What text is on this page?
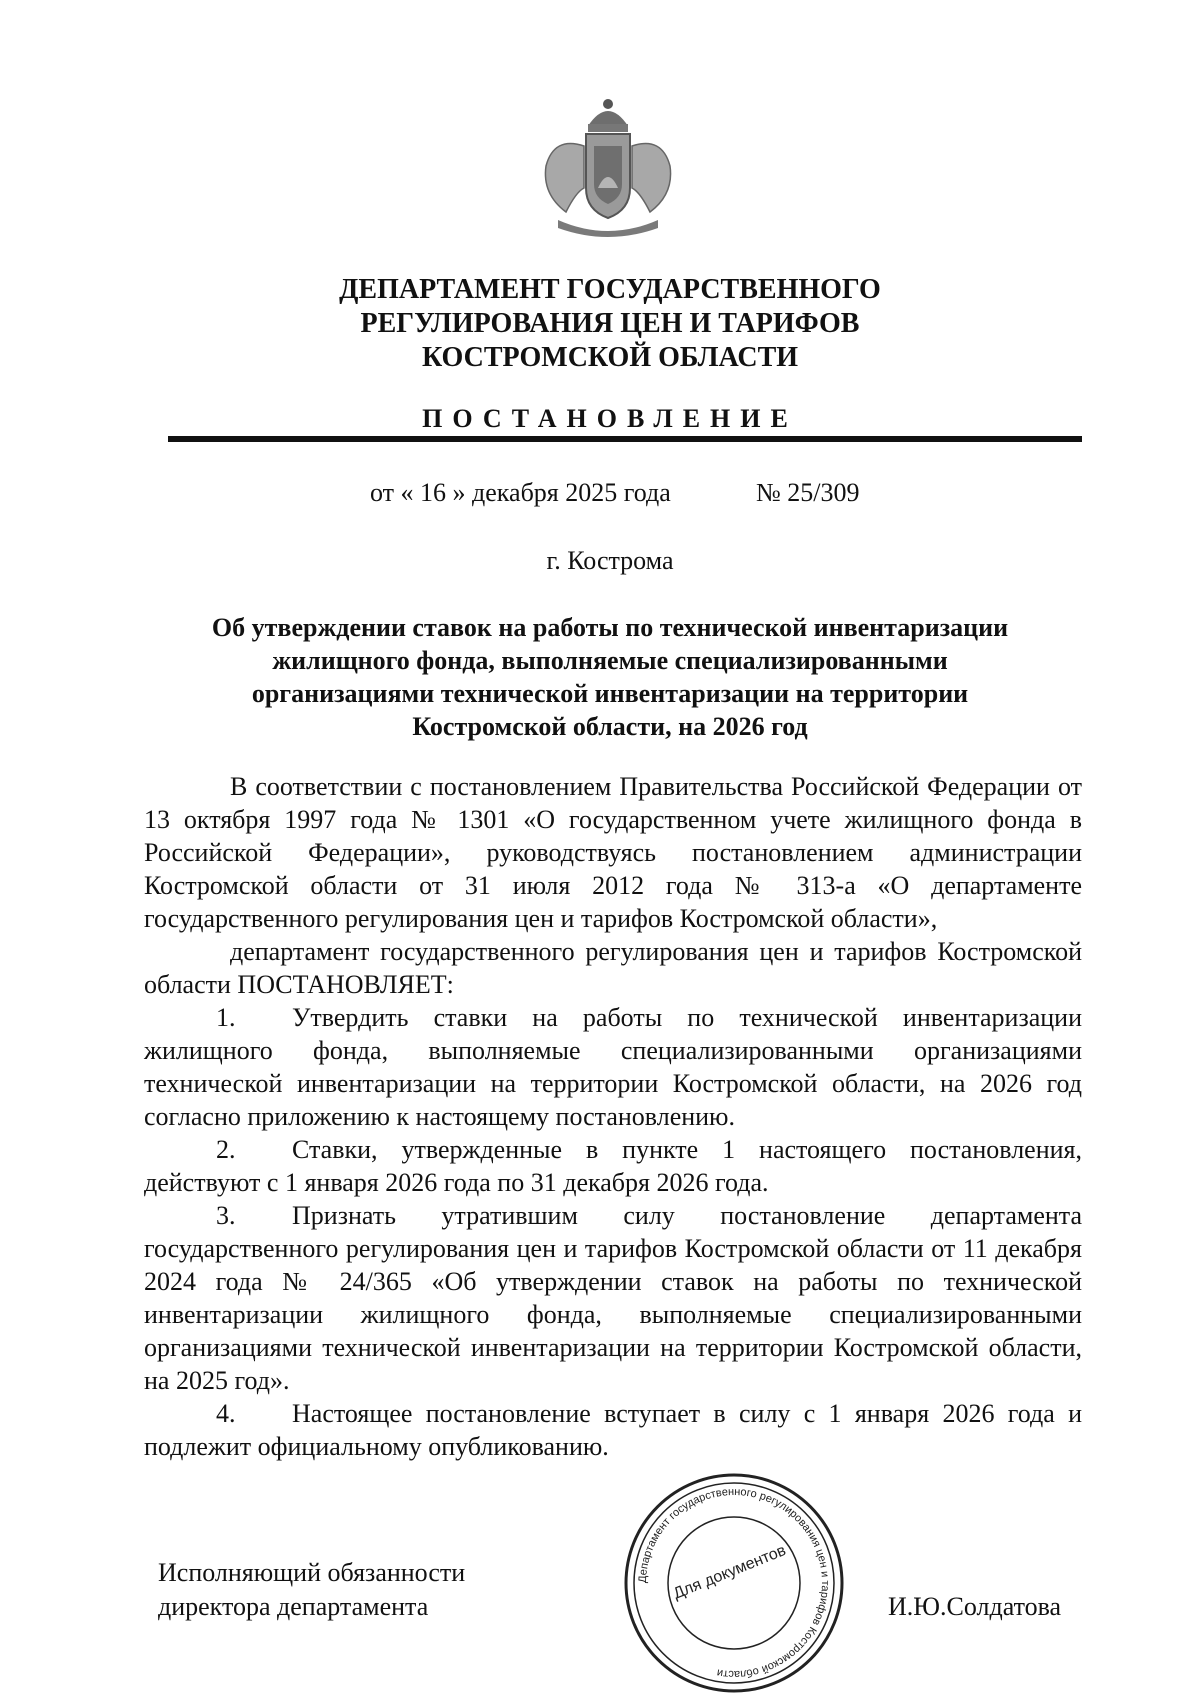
ДЕПАРТАМЕНТ ГОСУДАРСТВЕННОГО
РЕГУЛИРОВАНИЯ ЦЕН И ТАРИФОВ
КОСТРОМСКОЙ ОБЛАСТИ
ПОСТАНОВЛЕНИЕ
от « 16 » декабря 2025 года	№ 25/309
г. Кострома
Об утверждении ставок на работы по технической инвентаризации
жилищного фонда, выполняемые специализированными
организациями технической инвентаризации на территории
Костромской области, на 2026 год

В соответствии с постановлением Правительства Российской Федерации от 13 октября 1997 года № 1301 «О государственном учете жилищного фонда в Российской Федерации», руководствуясь постановлением администрации Костромской области от 31 июля 2012 года № 313-а «О департаменте государственного регулирования цен и тарифов Костромской области»,

департамент государственного регулирования цен и тарифов Костромской области ПОСТАНОВЛЯЕТ:

1. Утвердить ставки на работы по технической инвентаризации жилищного фонда, выполняемые специализированными организациями технической инвентаризации на территории Костромской области, на 2026 год согласно приложению к настоящему постановлению.

2. Ставки, утвержденные в пункте 1 настоящего постановления, действуют с 1 января 2026 года по 31 декабря 2026 года.

3. Признать утратившим силу постановление департамента государственного регулирования цен и тарифов Костромской области от 11 декабря 2024 года № 24/365 «Об утверждении ставок на работы по технической инвентаризации жилищного фонда, выполняемые специализированными организациями технической инвентаризации на территории Костромской области, на 2025 год».

4. Настоящее постановление вступает в силу с 1 января 2026 года и подлежит официальному опубликованию.

Исполняющий обязанности
директора департамента	И.Ю.Солдатова
Департамент государственного регулирования цен и тарифов Костромской области
Для документов
